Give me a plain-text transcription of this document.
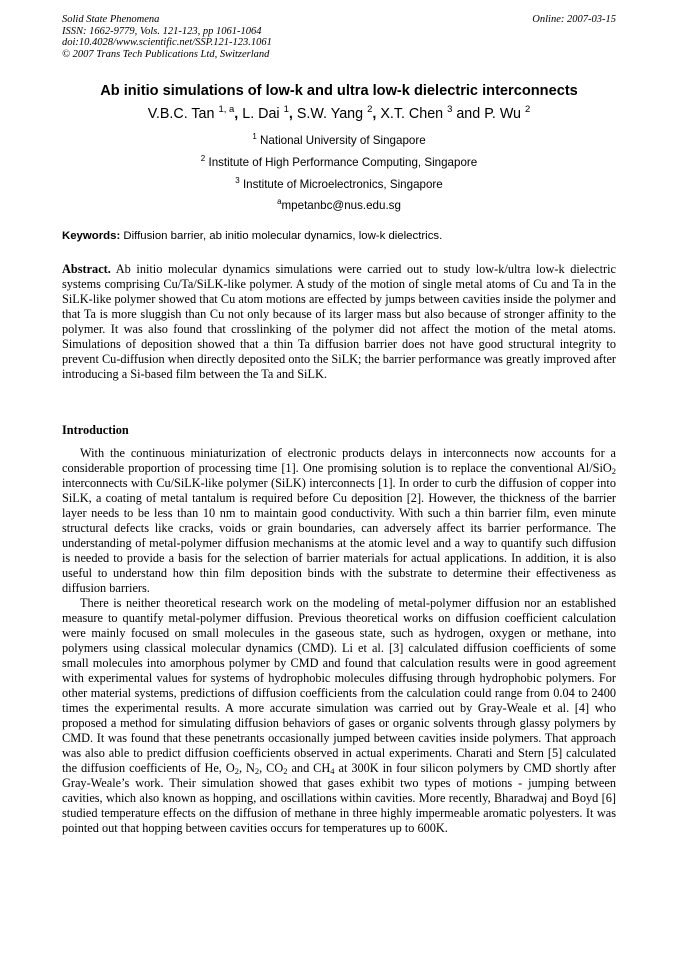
Solid State Phenomena
ISSN: 1662-9779, Vols. 121-123, pp 1061-1064
doi:10.4028/www.scientific.net/SSP.121-123.1061
© 2007 Trans Tech Publications Ltd, Switzerland
Online: 2007-03-15
Ab initio simulations of low-k and ultra low-k dielectric interconnects
V.B.C. Tan $^{1, a}$, L. Dai $^1$, S.W. Yang $^2$, X.T. Chen $^3$ and P. Wu $^2$
$^1$ National University of Singapore
$^2$ Institute of High Performance Computing, Singapore
$^3$ Institute of Microelectronics, Singapore
$^a$mpetanbc@nus.edu.sg
Keywords: Diffusion barrier, ab initio molecular dynamics, low-k dielectrics.

Abstract. Ab initio molecular dynamics simulations were carried out to study low-k/ultra low-k dielectric systems comprising Cu/Ta/SiLK-like polymer. A study of the motion of single metal atoms of Cu and Ta in the SiLK-like polymer showed that Cu atom motions are effected by jumps between cavities inside the polymer and that Ta is more sluggish than Cu not only because of its larger mass but also because of stronger affinity to the polymer. It was also found that crosslinking of the polymer did not affect the motion of the metal atoms. Simulations of deposition showed that a thin Ta diffusion barrier does not have good structural integrity to prevent Cu-diffusion when directly deposited onto the SiLK; the barrier performance was greatly improved after introducing a Si-based film between the Ta and SiLK.

Introduction

With the continuous miniaturization of electronic products delays in interconnects now accounts for a considerable proportion of processing time [1]. One promising solution is to replace the conventional Al/SiO$_2$ interconnects with Cu/SiLK-like polymer (SiLK) interconnects [1]. In order to curb the diffusion of copper into SiLK, a coating of metal tantalum is required before Cu deposition [2]. However, the thickness of the barrier layer needs to be less than 10 nm to maintain good conductivity. With such a thin barrier film, even minute structural defects like cracks, voids or grain boundaries, can adversely affect its barrier performance. The understanding of metal-polymer diffusion mechanisms at the atomic level and a way to quantify such diffusion is needed to provide a basis for the selection of barrier materials for actual applications. In addition, it is also useful to understand how thin film deposition binds with the substrate to determine their effectiveness as diffusion barriers.

There is neither theoretical research work on the modeling of metal-polymer diffusion nor an established measure to quantify metal-polymer diffusion. Previous theoretical works on diffusion coefficient calculation were mainly focused on small molecules in the gaseous state, such as hydrogen, oxygen or methane, into polymers using classical molecular dynamics (CMD). Li et al. [3] calculated diffusion coefficients of some small molecules into amorphous polymer by CMD and found that calculation results were in good agreement with experimental values for systems of hydrophobic molecules diffusing through hydrophobic polymers. For other material systems, predictions of diffusion coefficients from the calculation could range from 0.04 to 2400 times the experimental results. A more accurate simulation was carried out by Gray-Weale et al. [4] who proposed a method for simulating diffusion behaviors of gases or organic solvents through glassy polymers by CMD. It was found that these penetrants occasionally jumped between cavities inside polymers. That approach was also able to predict diffusion coefficients observed in actual experiments. Charati and Stern [5] calculated the diffusion coefficients of He, $O_2$, $N_2$, $CO_2$ and $CH_4$ at 300K in four silicon polymers by CMD shortly after Gray-Weale’s work. Their simulation showed that gases exhibit two types of motions - jumping between cavities, which also known as hopping, and oscillations within cavities. More recently, Bharadwaj and Boyd [6] studied temperature effects on the diffusion of methane in three highly impermeable aromatic polyesters. It was pointed out that hopping between cavities occurs for temperatures up to 600K.
